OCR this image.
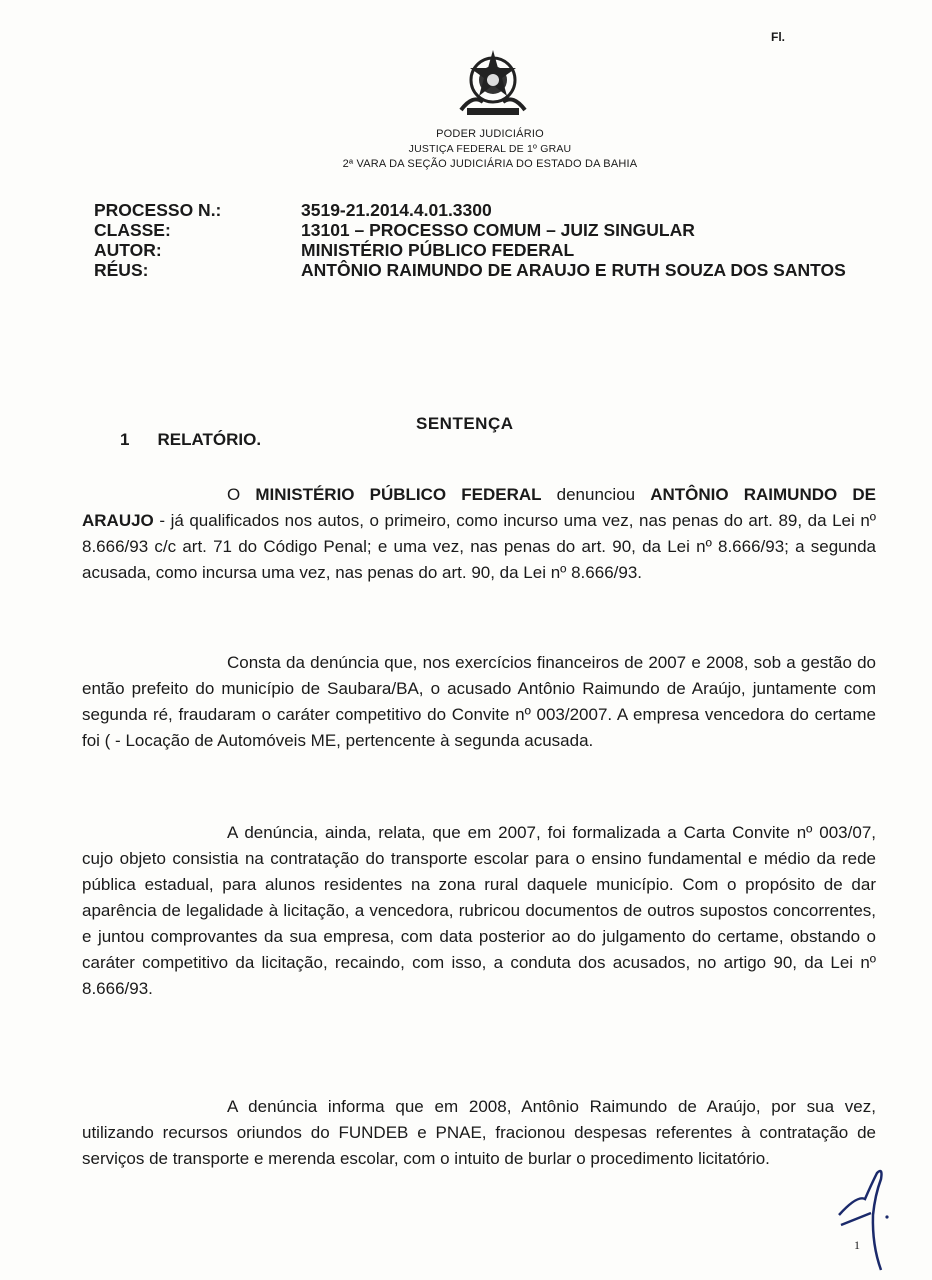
Fl.
PODER JUDICIÁRIO
JUSTIÇA FEDERAL DE 1º GRAU
2ª VARA DA SEÇÃO JUDICIÁRIA DO ESTADO DA BAHIA
PROCESSO N.:	3519-21.2014.4.01.3300
CLASSE:	13101 – PROCESSO COMUM – JUIZ SINGULAR
AUTOR:	MINISTÉRIO PÚBLICO FEDERAL
RÉUS:	ANTÔNIO RAIMUNDO DE ARAUJO E RUTH SOUZA DOS SANTOS
SENTENÇA
1 RELATÓRIO.

O MINISTÉRIO PÚBLICO FEDERAL denunciou ANTÔNIO RAIMUNDO DE ARAUJO - já qualificados nos autos, o primeiro, como incurso uma vez, nas penas do art. 89, da Lei nº 8.666/93 c/c art. 71 do Código Penal; e uma vez, nas penas do art. 90, da Lei nº 8.666/93; a segunda acusada, como incursa uma vez, nas penas do art. 90, da Lei nº 8.666/93.

Consta da denúncia que, nos exercícios financeiros de 2007 e 2008, sob a gestão do então prefeito do município de Saubara/BA, o acusado Antônio Raimundo de Araújo, juntamente com segunda ré, fraudaram o caráter competitivo do Convite nº 003/2007. A empresa vencedora do certame foi ( - Locação de Automóveis ME, pertencente à segunda acusada.

A denúncia, ainda, relata, que em 2007, foi formalizada a Carta Convite nº 003/07, cujo objeto consistia na contratação do transporte escolar para o ensino fundamental e médio da rede pública estadual, para alunos residentes na zona rural daquele município. Com o propósito de dar aparência de legalidade à licitação, a vencedora, rubricou documentos de outros supostos concorrentes, e juntou comprovantes da sua empresa, com data posterior ao do julgamento do certame, obstando o caráter competitivo da licitação, recaindo, com isso, a conduta dos acusados, no artigo 90, da Lei nº 8.666/93.

A denúncia informa que em 2008, Antônio Raimundo de Araújo, por sua vez, utilizando recursos oriundos do FUNDEB e PNAE, fracionou despesas referentes à contratação de serviços de transporte e merenda escolar, com o intuito de burlar o procedimento licitatório.

1
